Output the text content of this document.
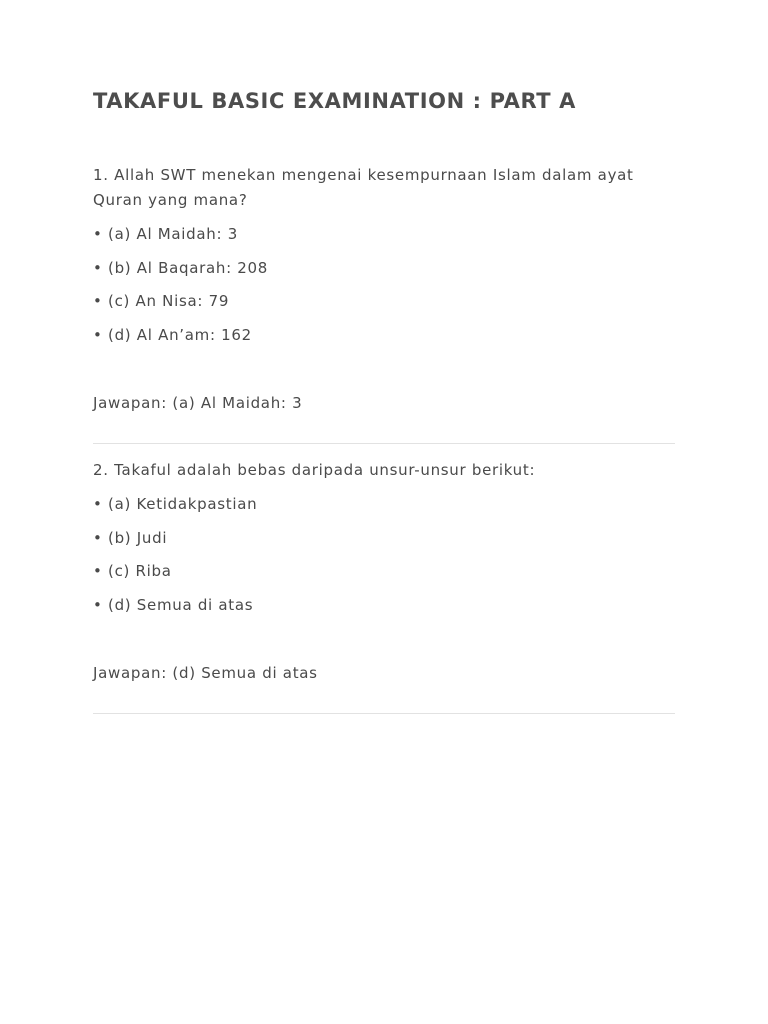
TAKAFUL BASIC EXAMINATION : PART A

1. Allah SWT menekan mengenai kesempurnaan Islam dalam ayat Quran yang mana?

• (a) Al Maidah: 3

• (b) Al Baqarah: 208

• (c) An Nisa: 79

• (d) Al An’am: 162

Jawapan: (a) Al Maidah: 3

2. Takaful adalah bebas daripada unsur-unsur berikut:

• (a) Ketidakpastian

• (b) Judi

• (c) Riba

• (d) Semua di atas

Jawapan: (d) Semua di atas
